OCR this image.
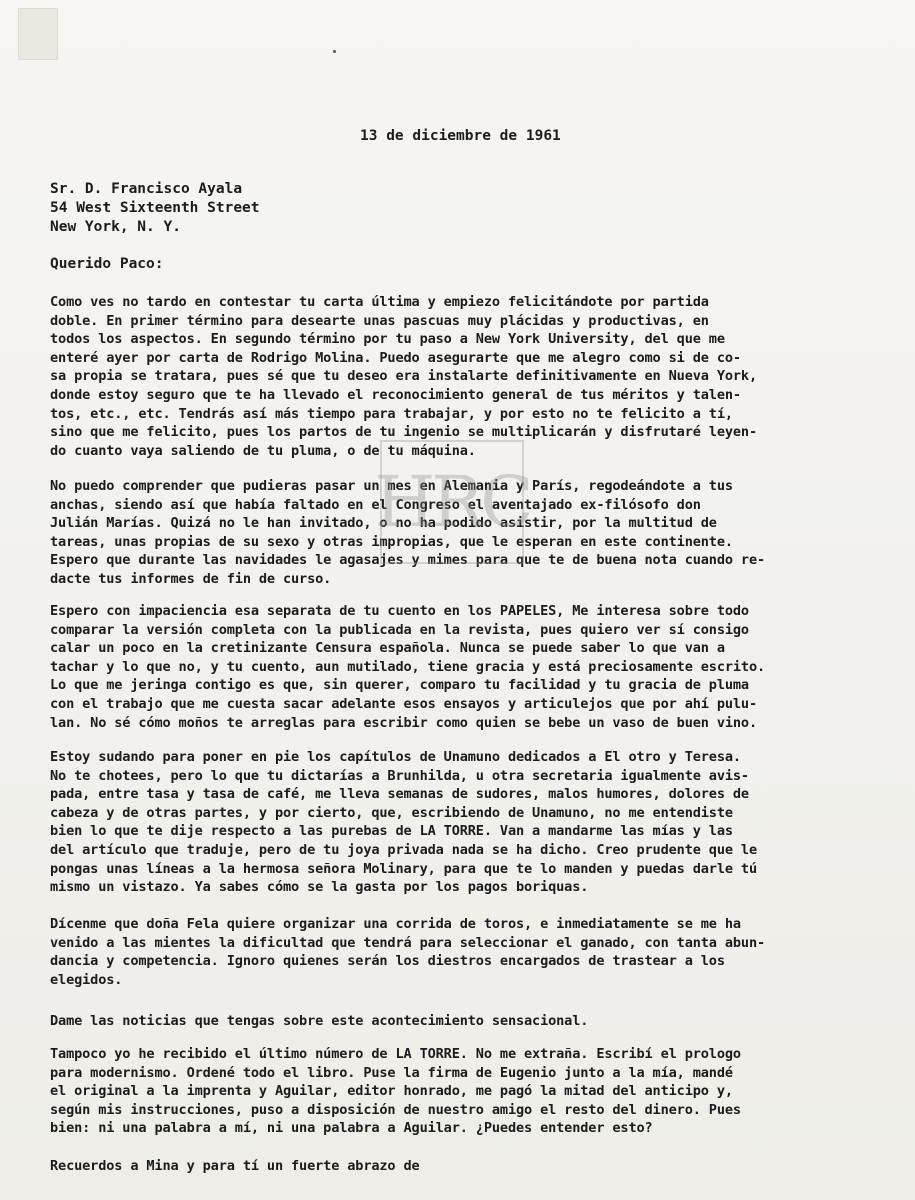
13 de diciembre de 1961
Sr. D. Francisco Ayala
54 West Sixteenth Street
New York, N. Y.
Querido Paco:
Como ves no tardo en contestar tu carta última y empiezo felicitándote por partida
doble. En primer término para desearte unas pascuas muy plácidas y productivas, en
todos los aspectos. En segundo término por tu paso a New York University, del que me
enteré ayer por carta de Rodrigo Molina. Puedo asegurarte que me alegro como si de co-
sa propia se tratara, pues sé que tu deseo era instalarte definitivamente en Nueva York,
donde estoy seguro que te ha llevado el reconocimiento general de tus méritos y talen-
tos, etc., etc. Tendrás así más tiempo para trabajar, y por esto no te felicito a tí,
sino que me felicito, pues los partos de tu ingenio se multiplicarán y disfrutaré leyen-
do cuanto vaya saliendo de tu pluma, o de tu máquina.
No puedo comprender que pudieras pasar un mes en Alemania y París, regodeándote a tus
anchas, siendo así que había faltado en el Congreso el aventajado ex-filósofo don
Julián Marías. Quizá no le han invitado, o no ha podido asistir, por la multitud de
tareas, unas propias de su sexo y otras impropias, que le esperan en este continente.
Espero que durante las navidades le agasajes y mimes para que te de buena nota cuando re-
dacte tus informes de fin de curso.
Espero con impaciencia esa separata de tu cuento en los PAPELES, Me interesa sobre todo
comparar la versión completa con la publicada en la revista, pues quiero ver sí consigo
calar un poco en la cretinizante Censura española. Nunca se puede saber lo que van a
tachar y lo que no, y tu cuento, aun mutilado, tiene gracia y está preciosamente escrito.
Lo que me jeringa contigo es que, sin querer, comparo tu facilidad y tu gracia de pluma
con el trabajo que me cuesta sacar adelante esos ensayos y articulejos que por ahí pulu-
lan. No sé cómo moños te arreglas para escribir como quien se bebe un vaso de buen vino.
Estoy sudando para poner en pie los capítulos de Unamuno dedicados a El otro y Teresa.
No te chotees, pero lo que tu dictarías a Brunhilda, u otra secretaria igualmente avis-
pada, entre tasa y tasa de café, me lleva semanas de sudores, malos humores, dolores de
cabeza y de otras partes, y por cierto, que, escribiendo de Unamuno, no me entendiste
bien lo que te dije respecto a las purebas de LA TORRE. Van a mandarme las mías y las
del artículo que traduje, pero de tu joya privada nada se ha dicho. Creo prudente que le
pongas unas líneas a la hermosa señora Molinary, para que te lo manden y puedas darle tú
mismo un vistazo. Ya sabes cómo se la gasta por los pagos boriquas.
Dícenme que doña Fela quiere organizar una corrida de toros, e inmediatamente se me ha
venido a las mientes la dificultad que tendrá para seleccionar el ganado, con tanta abun-
dancia y competencia. Ignoro quienes serán los diestros encargados de trastear a los
elegidos.
Dame las noticias que tengas sobre este acontecimiento sensacional.
Tampoco yo he recibido el último número de LA TORRE. No me extraña. Escribí el prologo
para modernismo. Ordené todo el libro. Puse la firma de Eugenio junto a la mía, mandé
el original a la imprenta y Aguilar, editor honrado, me pagó la mitad del anticipo y,
según mis instrucciones, puso a disposición de nuestro amigo el resto del dinero. Pues
bien: ni una palabra a mí, ni una palabra a Aguilar. ¿Puedes entender esto?
Recuerdos a Mina y para tí un fuerte abrazo de
HRC
